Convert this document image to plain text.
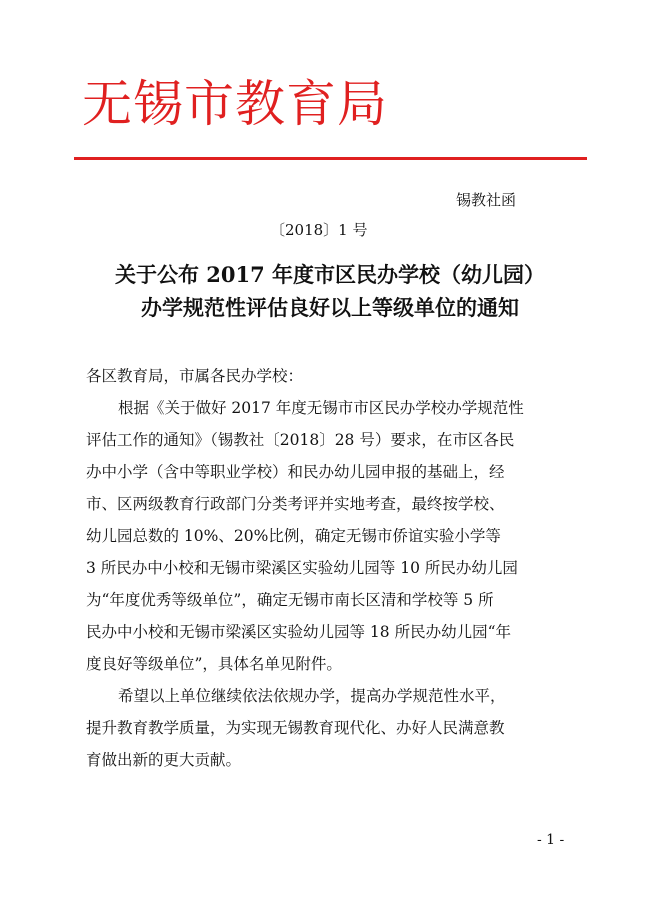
无锡市教育局
锡教社函
〔2018〕1 号
关于公布 2017 年度市区民办学校（幼儿园）
办学规范性评估良好以上等级单位的通知
各区教育局，市属各民办学校：
根据《关于做好 2017 年度无锡市市区民办学校办学规范性
评估工作的通知》（锡教社〔2018〕28 号）要求，在市区各民
办中小学（含中等职业学校）和民办幼儿园申报的基础上，经
市、区两级教育行政部门分类考评并实地考查，最终按学校、
幼儿园总数的 10%、20%比例，确定无锡市侨谊实验小学等
3 所民办中小校和无锡市梁溪区实验幼儿园等 10 所民办幼儿园
为“年度优秀等级单位”，确定无锡市南长区清和学校等 5 所
民办中小校和无锡市梁溪区实验幼儿园等 18 所民办幼儿园“年
度良好等级单位”，具体名单见附件。
希望以上单位继续依法依规办学，提高办学规范性水平，
提升教育教学质量，为实现无锡教育现代化、办好人民满意教
育做出新的更大贡献。
- 1 -
